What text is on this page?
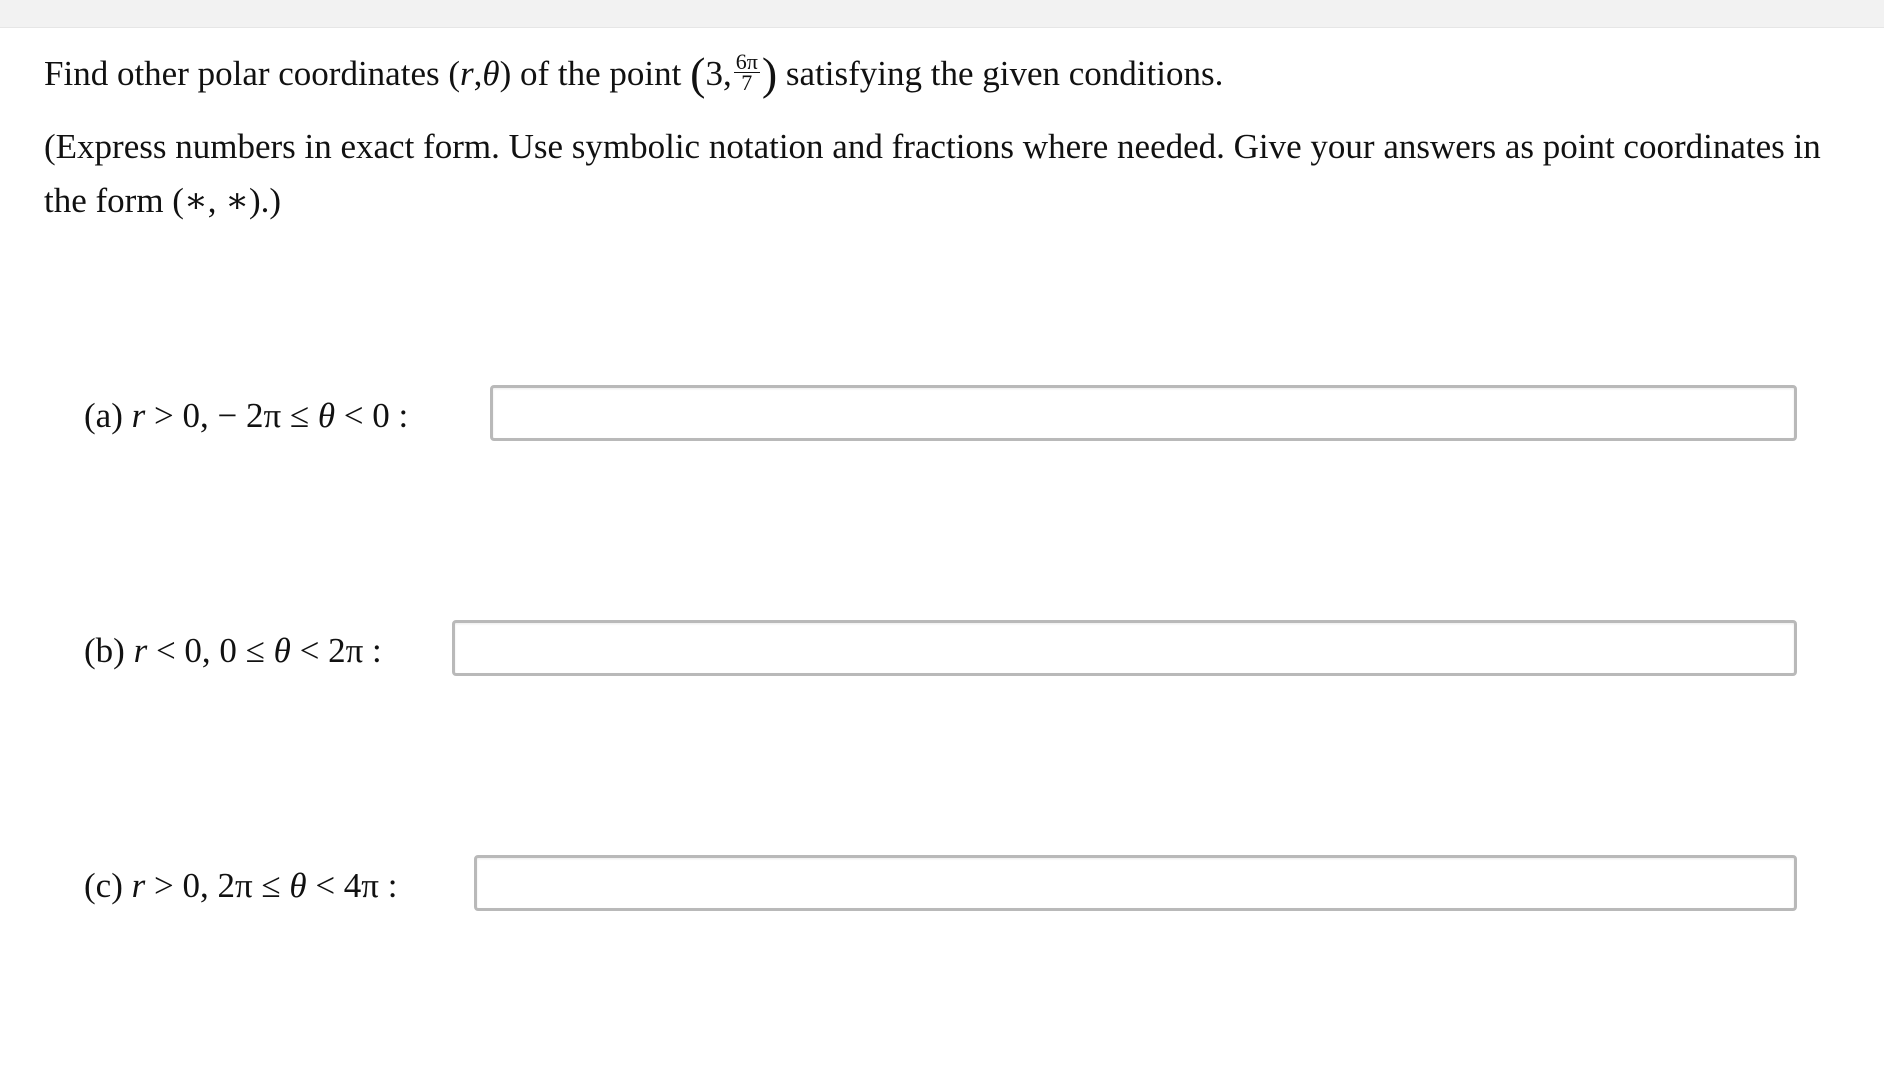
Find other polar coordinates (r,θ) of the point (3, $\frac{6\pi}{7}$ ) satisfying the given conditions.
(Express numbers in exact form. Use symbolic notation and fractions where needed. Give your answers as point coordinates in
the form (∗, ∗).)
(a) r > 0, − 2π ≤ θ < 0 :
(b) r < 0, 0 ≤ θ < 2π :
(c) r > 0, 2π ≤ θ < 4π :
